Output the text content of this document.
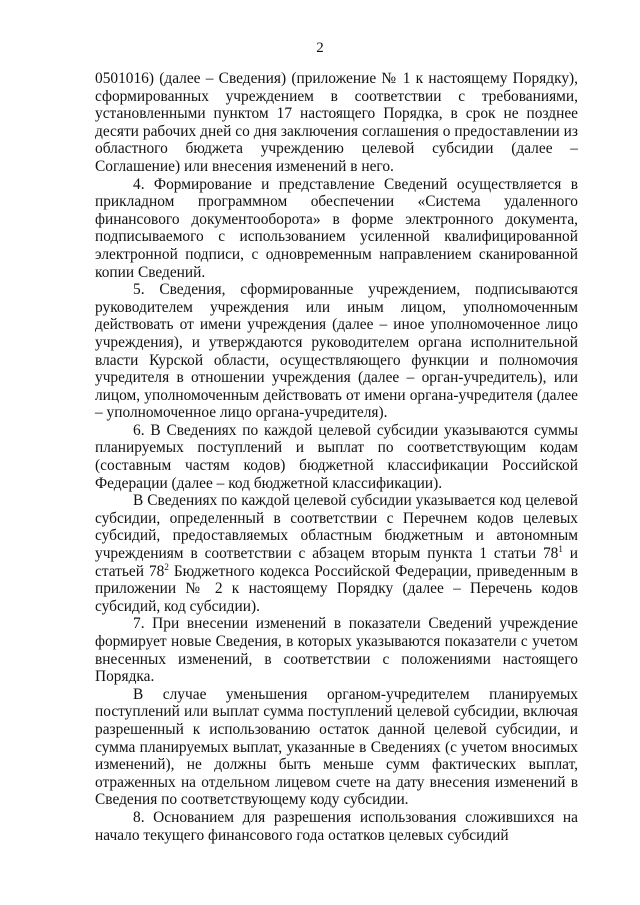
2

0501016) (далее – Сведения) (приложение № 1 к настоящему Порядку), сформированных учреждением в соответствии с требованиями, установленными пунктом 17 настоящего Порядка, в срок не позднее десяти рабочих дней со дня заключения соглашения о предоставлении из областного бюджета учреждению целевой субсидии (далее – Соглашение) или внесения изменений в него.

4. Формирование и представление Сведений осуществляется в прикладном программном обеспечении «Система удаленного финансового документооборота» в форме электронного документа, подписываемого с использованием усиленной квалифицированной электронной подписи, с одновременным направлением сканированной копии Сведений.

5. Сведения, сформированные учреждением, подписываются руководителем учреждения или иным лицом, уполномоченным действовать от имени учреждения (далее – иное уполномоченное лицо учреждения), и утверждаются руководителем органа исполнительной власти Курской области, осуществляющего функции и полномочия учредителя в отношении учреждения (далее – орган-учредитель), или лицом, уполномоченным действовать от имени органа-учредителя (далее – уполномоченное лицо органа-учредителя).

6. В Сведениях по каждой целевой субсидии указываются суммы планируемых поступлений и выплат по соответствующим кодам (составным частям кодов) бюджетной классификации Российской Федерации (далее – код бюджетной классификации).

В Сведениях по каждой целевой субсидии указывается код целевой субсидии, определенный в соответствии с Перечнем кодов целевых субсидий, предоставляемых областным бюджетным и автономным учреждениям в соответствии с абзацем вторым пункта 1 статьи $78^1$ и статьей $78^2$ Бюджетного кодекса Российской Федерации, приведенным в приложении № 2 к настоящему Порядку (далее – Перечень кодов субсидий, код субсидии).

7. При внесении изменений в показатели Сведений учреждение формирует новые Сведения, в которых указываются показатели с учетом внесенных изменений, в соответствии с положениями настоящего Порядка.

В случае уменьшения органом-учредителем планируемых поступлений или выплат сумма поступлений целевой субсидии, включая разрешенный к использованию остаток данной целевой субсидии, и сумма планируемых выплат, указанные в Сведениях (с учетом вносимых изменений), не должны быть меньше сумм фактических выплат, отраженных на отдельном лицевом счете на дату внесения изменений в Сведения по соответствующему коду субсидии.

8. Основанием для разрешения использования сложившихся на начало текущего финансового года остатков целевых субсидий
